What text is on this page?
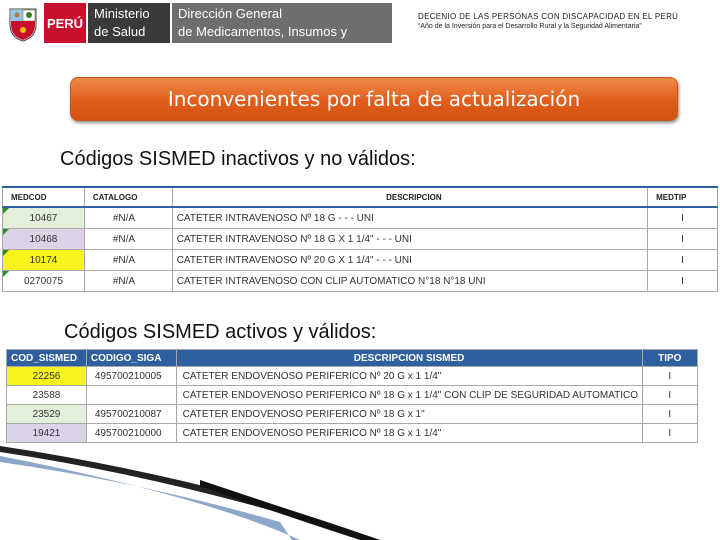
PERÚ
Ministerio
de Salud
Dirección General
de Medicamentos, Insumos y Drogas
DECENIO DE LAS PERSONAS CON DISCAPACIDAD EN EL PERÚ
“Año de la Inversión para el Desarrollo Rural y la Seguridad Alimentaria”
Inconvenientes por falta de actualización
Códigos SISMED inactivos y no válidos:
MEDCOD	CATALOGO	DESCRIPCION	MEDTIP
10467	#N/A	CATETER INTRAVENOSO Nº 18 G - - - UNI	I
10468	#N/A	CATETER INTRAVENOSO Nº 18 G X 1 1/4" - - - UNI	I
10174	#N/A	CATETER INTRAVENOSO Nº 20 G X 1 1/4" - - - UNI	I
0270075	#N/A	CATETER INTRAVENOSO CON CLIP AUTOMATICO N°18 N°18 UNI	I
Códigos SISMED activos y válidos:
COD_SISMED	CODIGO_SIGA	DESCRIPCION SISMED	TIPO
22256	495700210005	CATETER ENDOVENOSO PERIFERICO Nº 20 G x 1 1/4"	I
23588		CATETER ENDOVENOSO PERIFERICO Nº 18 G x 1 1/4" CON CLIP DE SEGURIDAD AUTOMATICO	I
23529	495700210087	CATETER ENDOVENOSO PERIFERICO Nº 18 G x 1"	I
19421	495700210000	CATETER ENDOVENOSO PERIFERICO Nº 18 G x 1 1/4"	I
